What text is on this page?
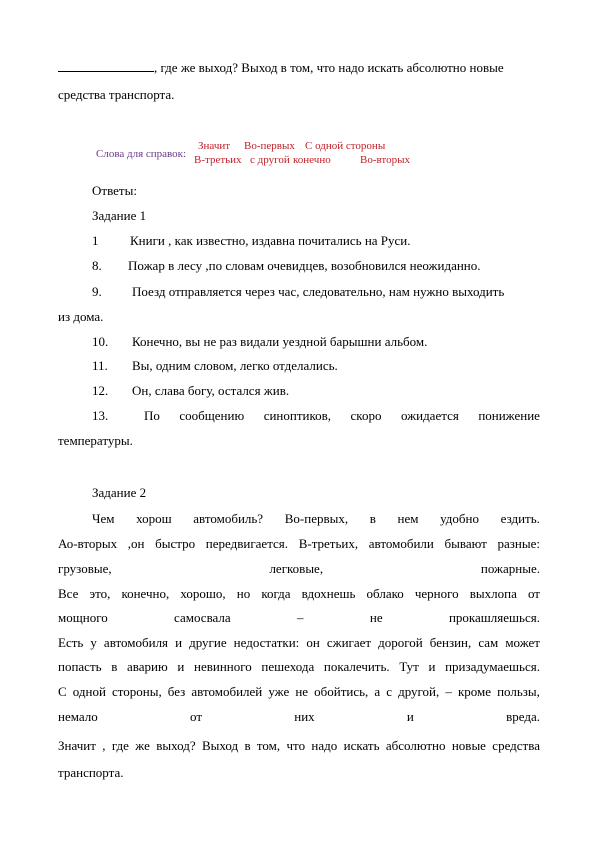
, где же выход? Выход в том, что надо искать абсолютно новые
средства транспорта.
Слова для справок:
Значит Во-первых С одной стороны
В-третьих с другой конечно	Во-вторых
Ответы:
Задание 1
1 Книги , как известно, издавна почитались на Руси.
8. Пожар в лесу ,по словам очевидцев, возобновился неожиданно.
9. Поезд отправляется через час, следовательно, нам нужно выходить
из дома.
10. Конечно, вы не раз видали уездной барышни альбом.
11. Вы, одним словом, легко отделались.
12. Он, слава богу, остался жив.
13.	По сообщению синоптиков, скоро ожидается понижение
температуры.
Задание 2
Чем хорош автомобиль? Во-первых, в нем удобно ездить.
Ао-вторых ,он быстро передвигается. В-третьих, автомобили бывают разные:
грузовые,	легковые,	пожарные.
Все это, конечно, хорошо, но когда вдохнешь облако черного выхлопа от
мощного	самосвала	–	не	прокашляешься.
Есть у автомобиля и другие недостатки: он сжигает дорогой бензин, сам может
попасть в аварию и невинного пешехода покалечить. Тут и призадумаешься.
С одной стороны, без автомобилей уже не обойтись, а с другой, – кроме пользы,
немало	от	них	и	вреда.
Значит , где же выход? Выход в том, что надо искать абсолютно новые средства
транспорта.
